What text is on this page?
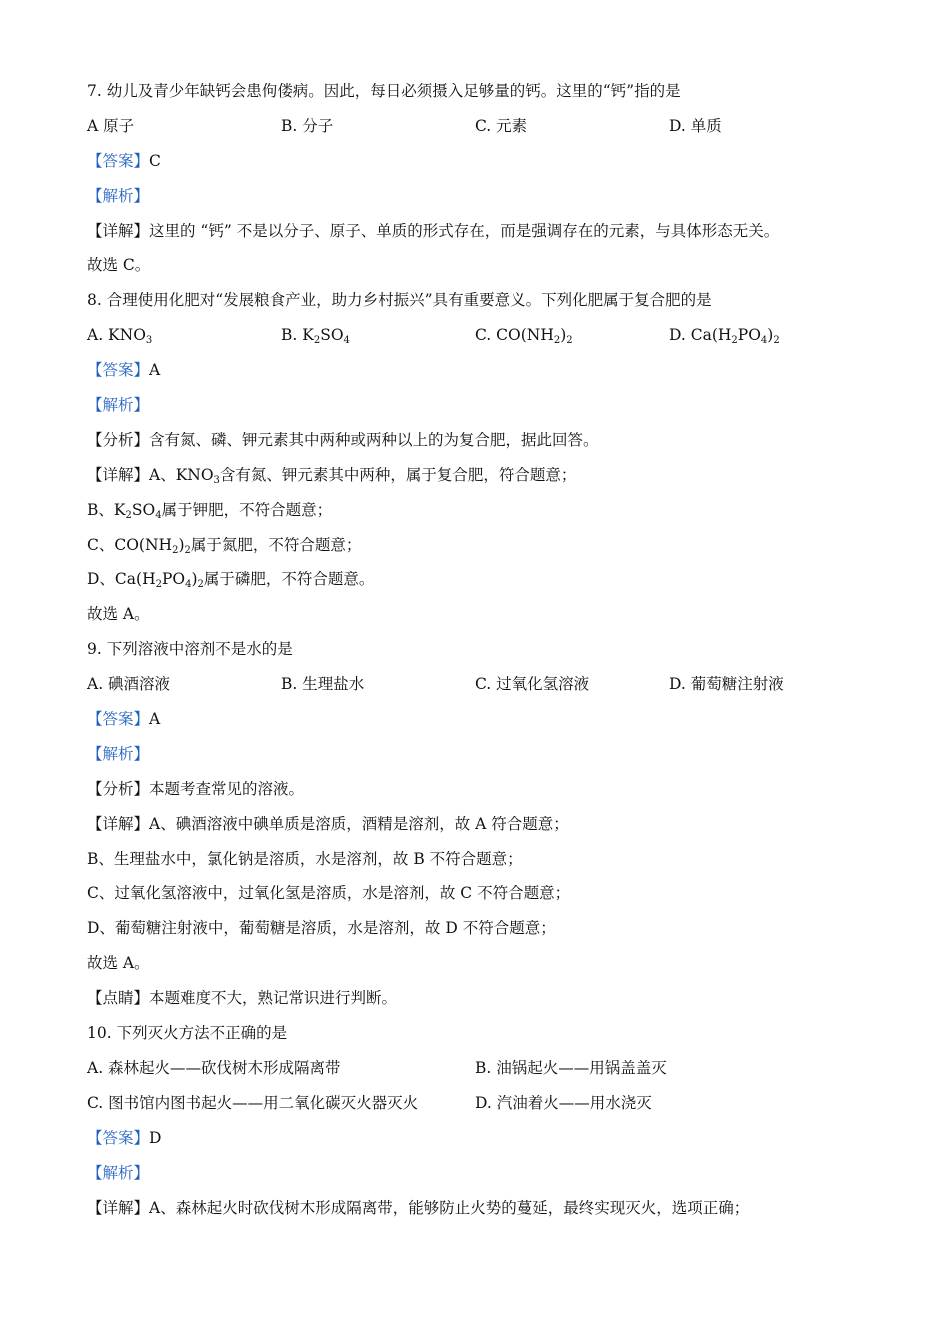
7. 幼儿及青少年缺钙会患佝偻病。因此，每日必须摄入足够量的钙。这里的“钙”指的是
A 原子	B. 分子	C. 元素	D. 单质
【答案】C
【解析】
【详解】这里的 “钙” 不是以分子、原子、单质的形式存在，而是强调存在的元素，与具体形态无关。
故选 C。
8. 合理使用化肥对“发展粮食产业，助力乡村振兴”具有重要意义。下列化肥属于复合肥的是
A. $KNO_3$	B. $K_2SO_4$	C. $CO(NH_2)_2$	D. $Ca(H_2PO_4)_2$
【答案】A
【解析】
【分析】含有氮、磷、钾元素其中两种或两种以上的为复合肥，据此回答。
【详解】A、$KNO_3$含有氮、钾元素其中两种，属于复合肥，符合题意；
B、$K_2SO_4$属于钾肥，不符合题意；
C、$CO(NH_2)_2$属于氮肥，不符合题意；
D、$Ca(H_2PO_4)_2$属于磷肥，不符合题意。
故选 A。
9. 下列溶液中溶剂不是水的是
A. 碘酒溶液	B. 生理盐水	C. 过氧化氢溶液	D. 葡萄糖注射液
【答案】A
【解析】
【分析】本题考查常见的溶液。
【详解】A、碘酒溶液中碘单质是溶质，酒精是溶剂，故 A 符合题意；
B、生理盐水中，氯化钠是溶质，水是溶剂，故 B 不符合题意；
C、过氧化氢溶液中，过氧化氢是溶质，水是溶剂，故 C 不符合题意；
D、葡萄糖注射液中，葡萄糖是溶质，水是溶剂，故 D 不符合题意；
故选 A。
【点睛】本题难度不大，熟记常识进行判断。
10. 下列灭火方法不正确的是
A. 森林起火——砍伐树木形成隔离带	B. 油锅起火——用锅盖盖灭
C. 图书馆内图书起火——用二氧化碳灭火器灭火	D. 汽油着火——用水浇灭
【答案】D
【解析】
【详解】A、森林起火时砍伐树木形成隔离带，能够防止火势的蔓延，最终实现灭火，选项正确；
